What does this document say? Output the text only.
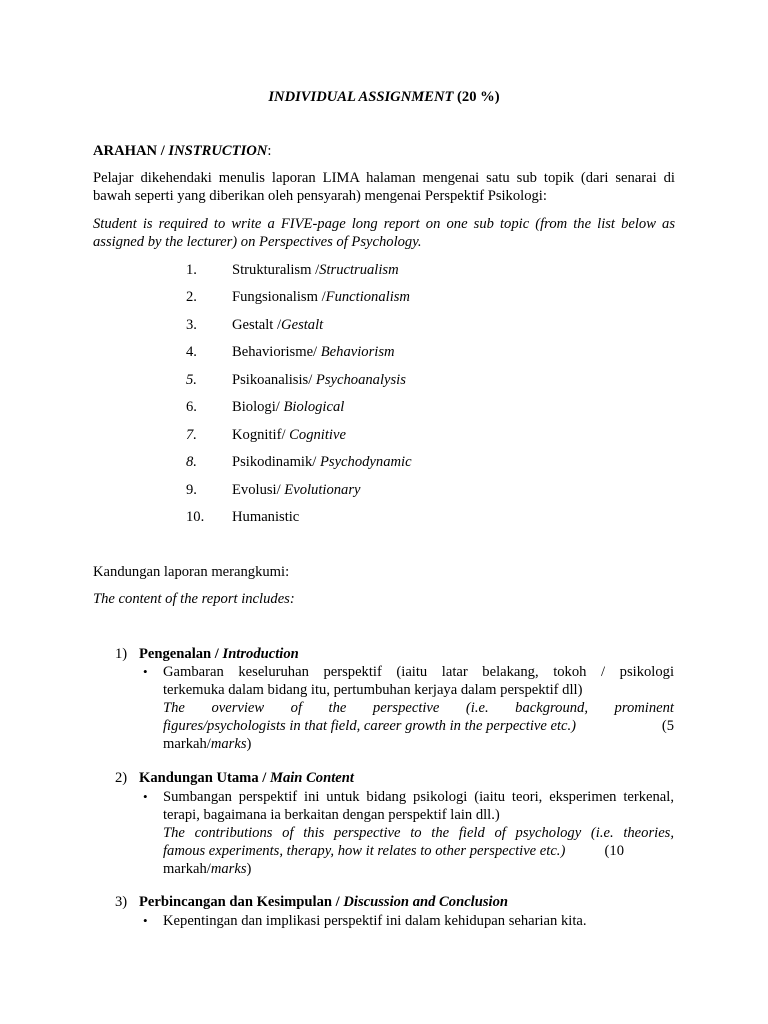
INDIVIDUAL ASSIGNMENT (20 %)
ARAHAN / INSTRUCTION:
Pelajar dikehendaki menulis laporan LIMA halaman mengenai satu sub topik (dari senarai di
bawah seperti yang diberikan oleh pensyarah) mengenai Perspektif Psikologi:
Student is required to write a FIVE-page long report on one sub topic (from the list below as
assigned by the lecturer) on Perspectives of Psychology.
1. Strukturalism /Structrualism
2. Fungsionalism /Functionalism
3. Gestalt /Gestalt
4. Behaviorisme/ Behaviorism
5. Psikoanalisis/ Psychoanalysis
6. Biologi/ Biological
7. Kognitif/ Cognitive
8. Psikodinamik/ Psychodynamic
9. Evolusi/ Evolutionary
10. Humanistic
Kandungan laporan merangkumi:
The content of the report includes:
1) Pengenalan / Introduction
• Gambaran keseluruhan perspektif (iaitu latar belakang, tokoh / psikologi
terkemuka dalam bidang itu, pertumbuhan kerjaya dalam perspektif dll)
The overview of the perspective (i.e. background, prominent
figures/psychologists in that field, career growth in the perpective etc.)	(5
markah/marks)
2) Kandungan Utama / Main Content
• Sumbangan perspektif ini untuk bidang psikologi (iaitu teori, eksperimen terkenal,
terapi, bagaimana ia berkaitan dengan perspektif lain dll.)
The contributions of this perspective to the field of psychology (i.e. theories,
famous experiments, therapy, how it relates to other perspective etc.)	(10
markah/marks)
3) Perbincangan dan Kesimpulan / Discussion and Conclusion
• Kepentingan dan implikasi perspektif ini dalam kehidupan seharian kita.
